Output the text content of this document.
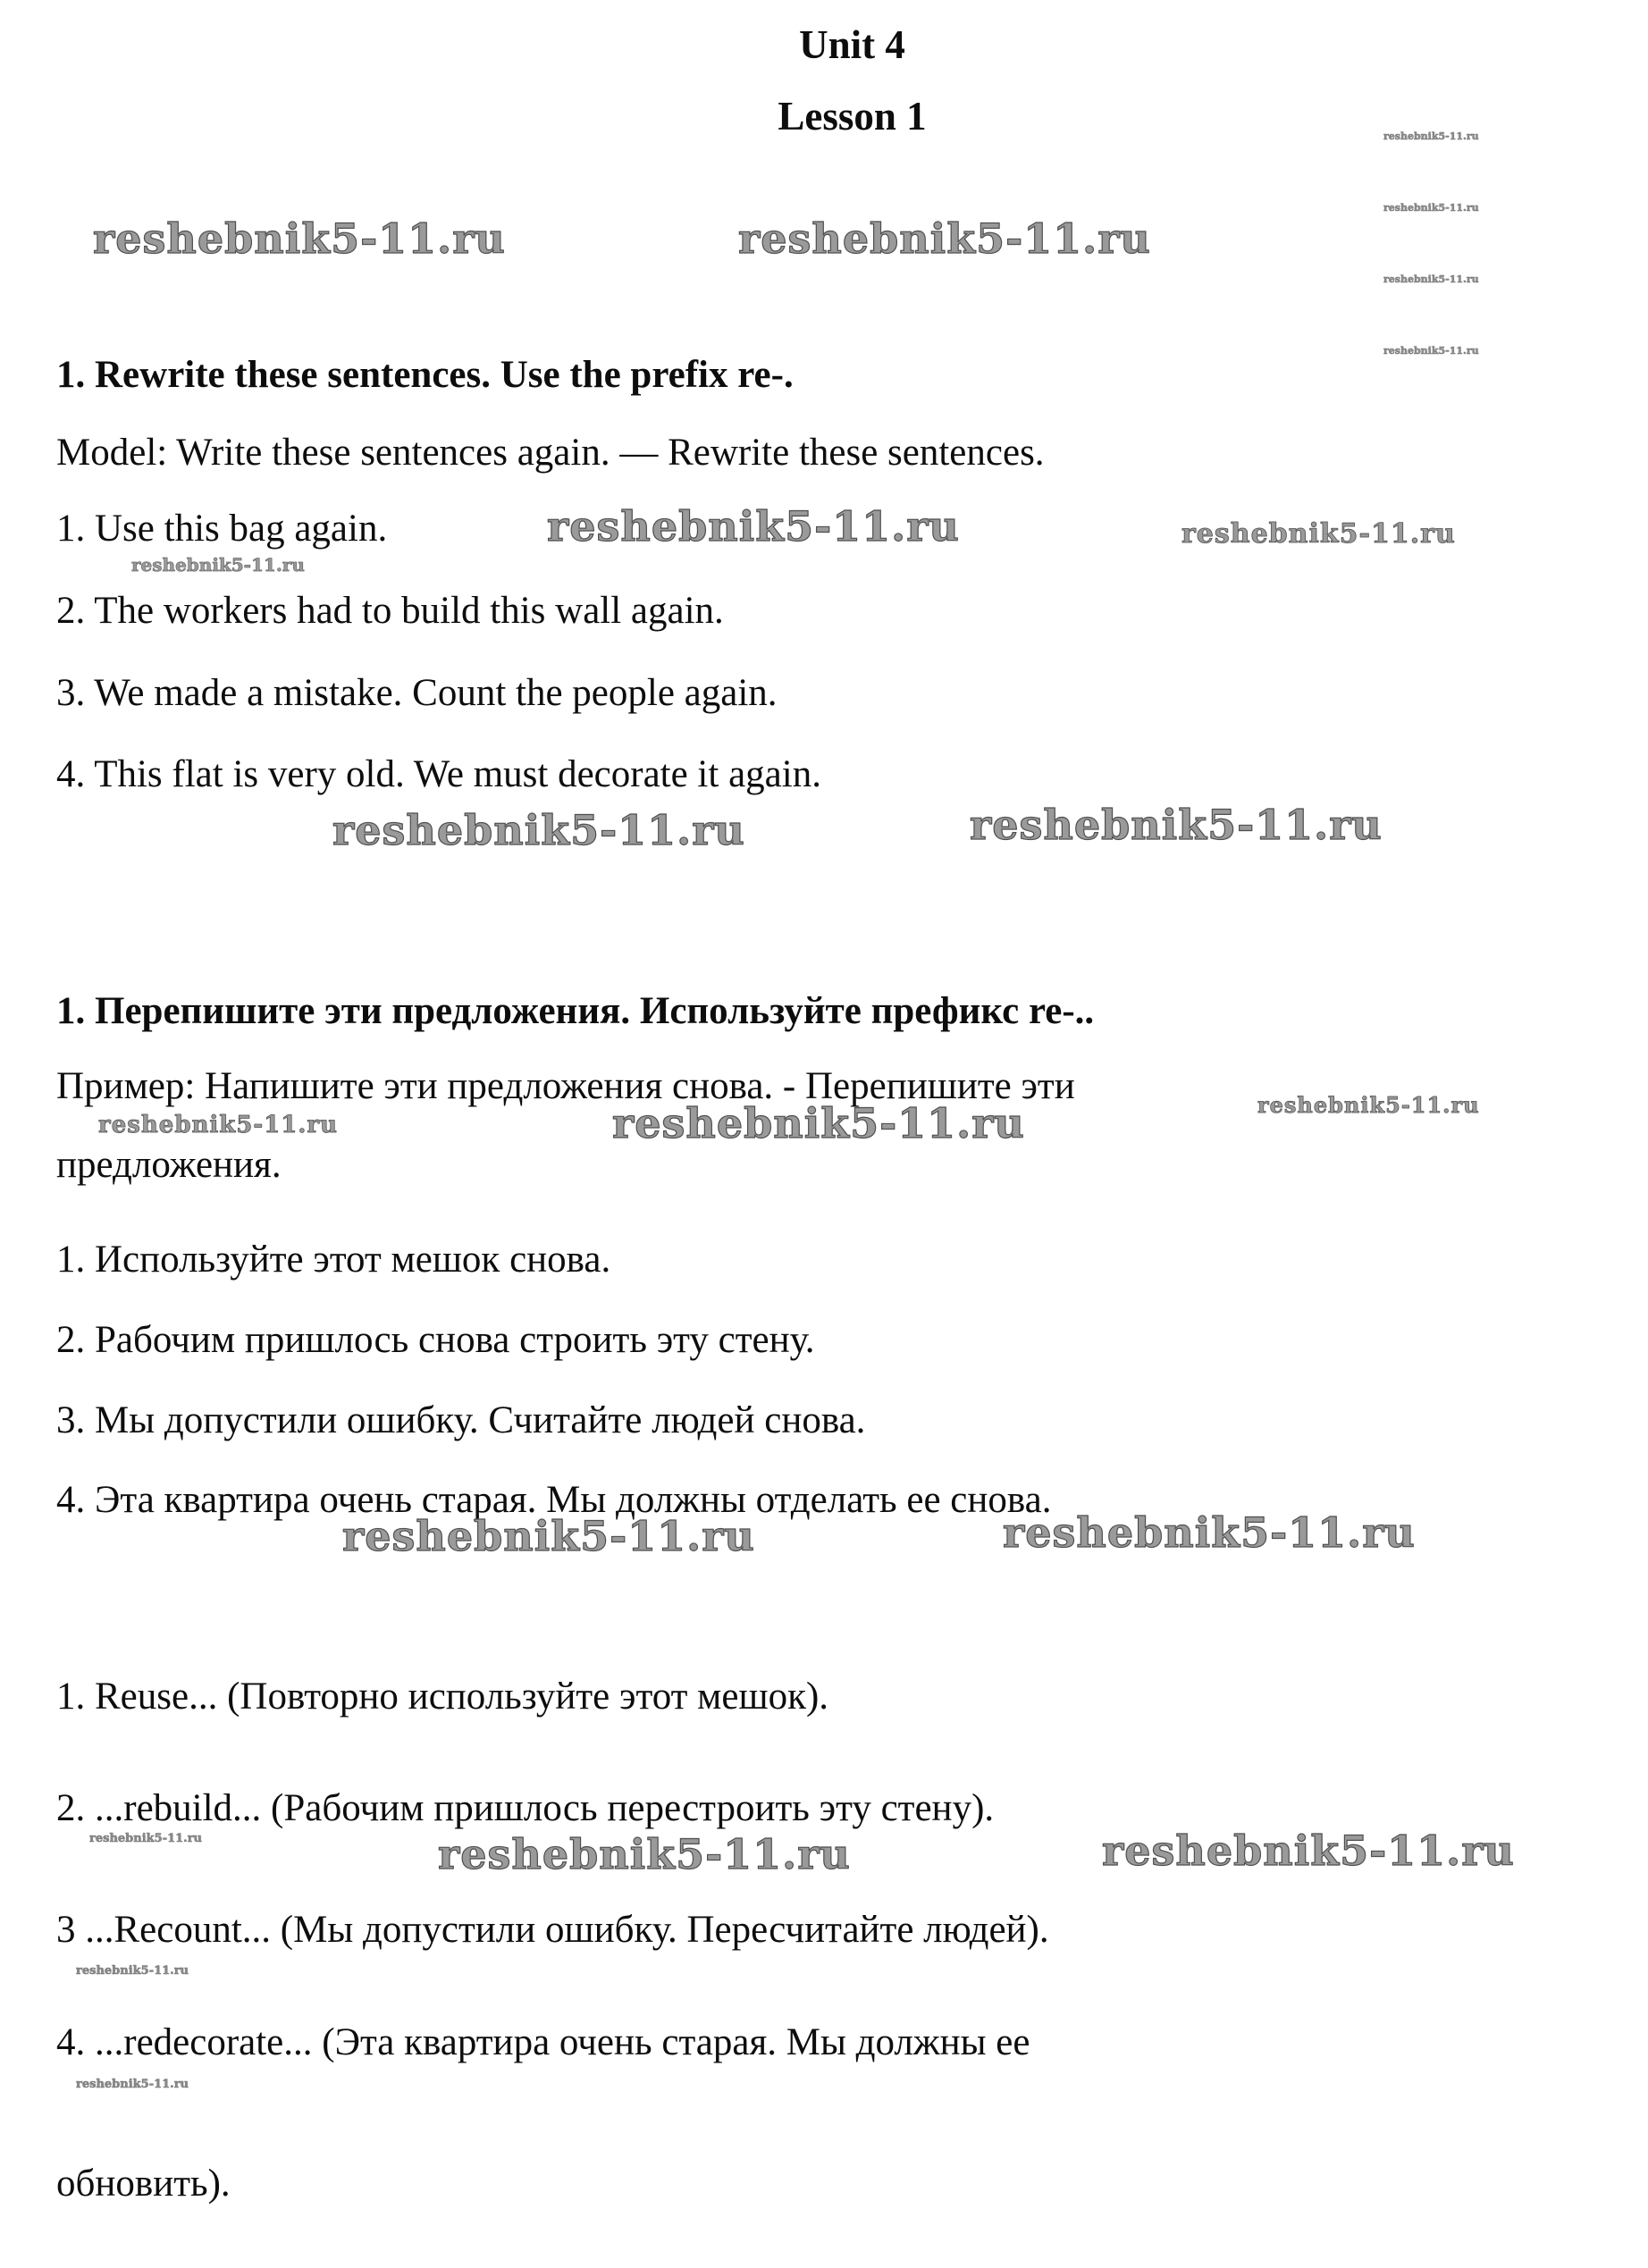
Unit 4
Lesson 1	reshebnik5-11.ru
reshebnik5-11.ru
reshebnik5-11.ru
reshebnik5-11.ru
reshebnik5-11.ru	reshebnik5-11.ru
1. Rewrite these sentences. Use the prefix re-.
Model: Write these sentences again. — Rewrite these sentences.
1. Use this bag again.	reshebnik5-11.ru	reshebnik5-11.ru
reshebnik5-11.ru
2. The workers had to build this wall again.
3. We made a mistake. Count the people again.
4. This flat is very old. We must decorate it again.
reshebnik5-11.ru	reshebnik5-11.ru
1. Перепишите эти предложения. Используйте префикс re-..
Пример: Напишите эти предложения снова. - Перепишите эти
reshebnik5-11.ru	reshebnik5-11.ru	reshebnik5-11.ru
предложения.
1. Используйте этот мешок снова.
2. Рабочим пришлось снова строить эту стену.
3. Мы допустили ошибку. Считайте людей снова.
4. Эта квартира очень старая. Мы должны отделать ее снова.
reshebnik5-11.ru	reshebnik5-11.ru
1. Reuse... (Повторно используйте этот мешок).
2. ...rebuild... (Рабочим пришлось перестроить эту стену).
reshebnik5-11.ru	reshebnik5-11.ru	reshebnik5-11.ru
3 ...Recount... (Мы допустили ошибку. Пересчитайте людей).
reshebnik5-11.ru
4. ...redecorate... (Эта квартира очень старая. Мы должны ее
reshebnik5-11.ru
обновить).
